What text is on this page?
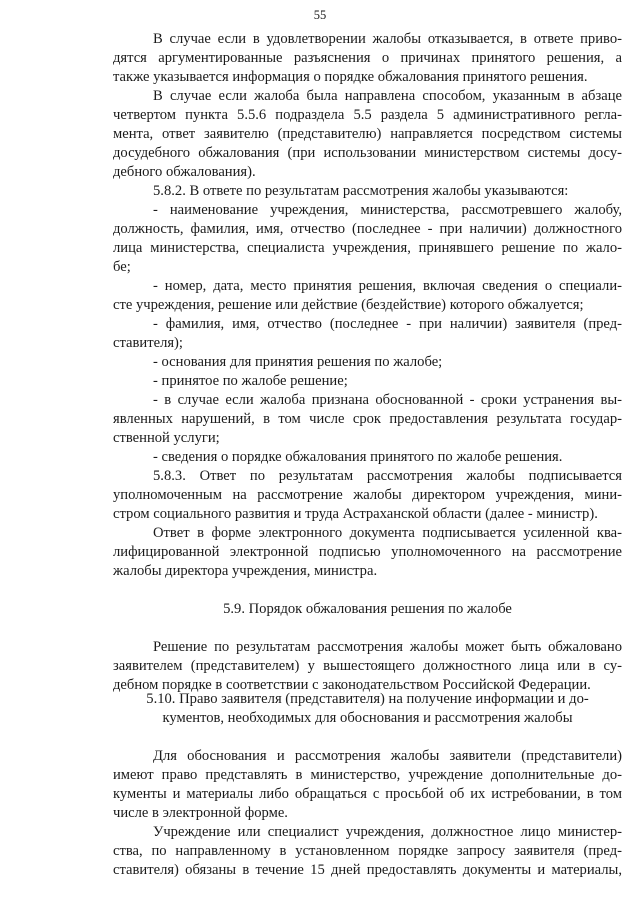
55
В случае если в удовлетворении жалобы отказывается, в ответе приво-
дятся аргументированные разъяснения о причинах принятого решения, а
также указывается информация о порядке обжалования принятого решения.
В случае если жалоба была направлена способом, указанным в абзаце
четвертом пункта 5.5.6 подраздела 5.5 раздела 5 административного регла-
мента, ответ заявителю (представителю) направляется посредством системы
досудебного обжалования (при использовании министерством системы досу-
дебного обжалования).
5.8.2. В ответе по результатам рассмотрения жалобы указываются:
- наименование учреждения, министерства, рассмотревшего жалобу,
должность, фамилия, имя, отчество (последнее - при наличии) должностного
лица министерства, специалиста учреждения, принявшего решение по жало-
бе;
- номер, дата, место принятия решения, включая сведения о специали-
сте учреждения, решение или действие (бездействие) которого обжалуется;
- фамилия, имя, отчество (последнее - при наличии) заявителя (пред-
ставителя);
- основания для принятия решения по жалобе;
- принятое по жалобе решение;
- в случае если жалоба признана обоснованной - сроки устранения вы-
явленных нарушений, в том числе срок предоставления результата государ-
ственной услуги;
- сведения о порядке обжалования принятого по жалобе решения.
5.8.3. Ответ по результатам рассмотрения жалобы подписывается
уполномоченным на рассмотрение жалобы директором учреждения, мини-
стром социального развития и труда Астраханской области (далее - министр).
Ответ в форме электронного документа подписывается усиленной ква-
лифицированной электронной подписью уполномоченного на рассмотрение
жалобы директора учреждения, министра.
5.9. Порядок обжалования решения по жалобе
Решение по результатам рассмотрения жалобы может быть обжаловано
заявителем (представителем) у вышестоящего должностного лица или в су-
дебном порядке в соответствии с законодательством Российской Федерации.
5.10. Право заявителя (представителя) на получение информации и до-
кументов, необходимых для обоснования и рассмотрения жалобы
Для обоснования и рассмотрения жалобы заявители (представители)
имеют право представлять в министерство, учреждение дополнительные до-
кументы и материалы либо обращаться с просьбой об их истребовании, в том
числе в электронной форме.
Учреждение или специалист учреждения, должностное лицо министер-
ства, по направленному в установленном порядке запросу заявителя (пред-
ставителя) обязаны в течение 15 дней предоставлять документы и материалы,
